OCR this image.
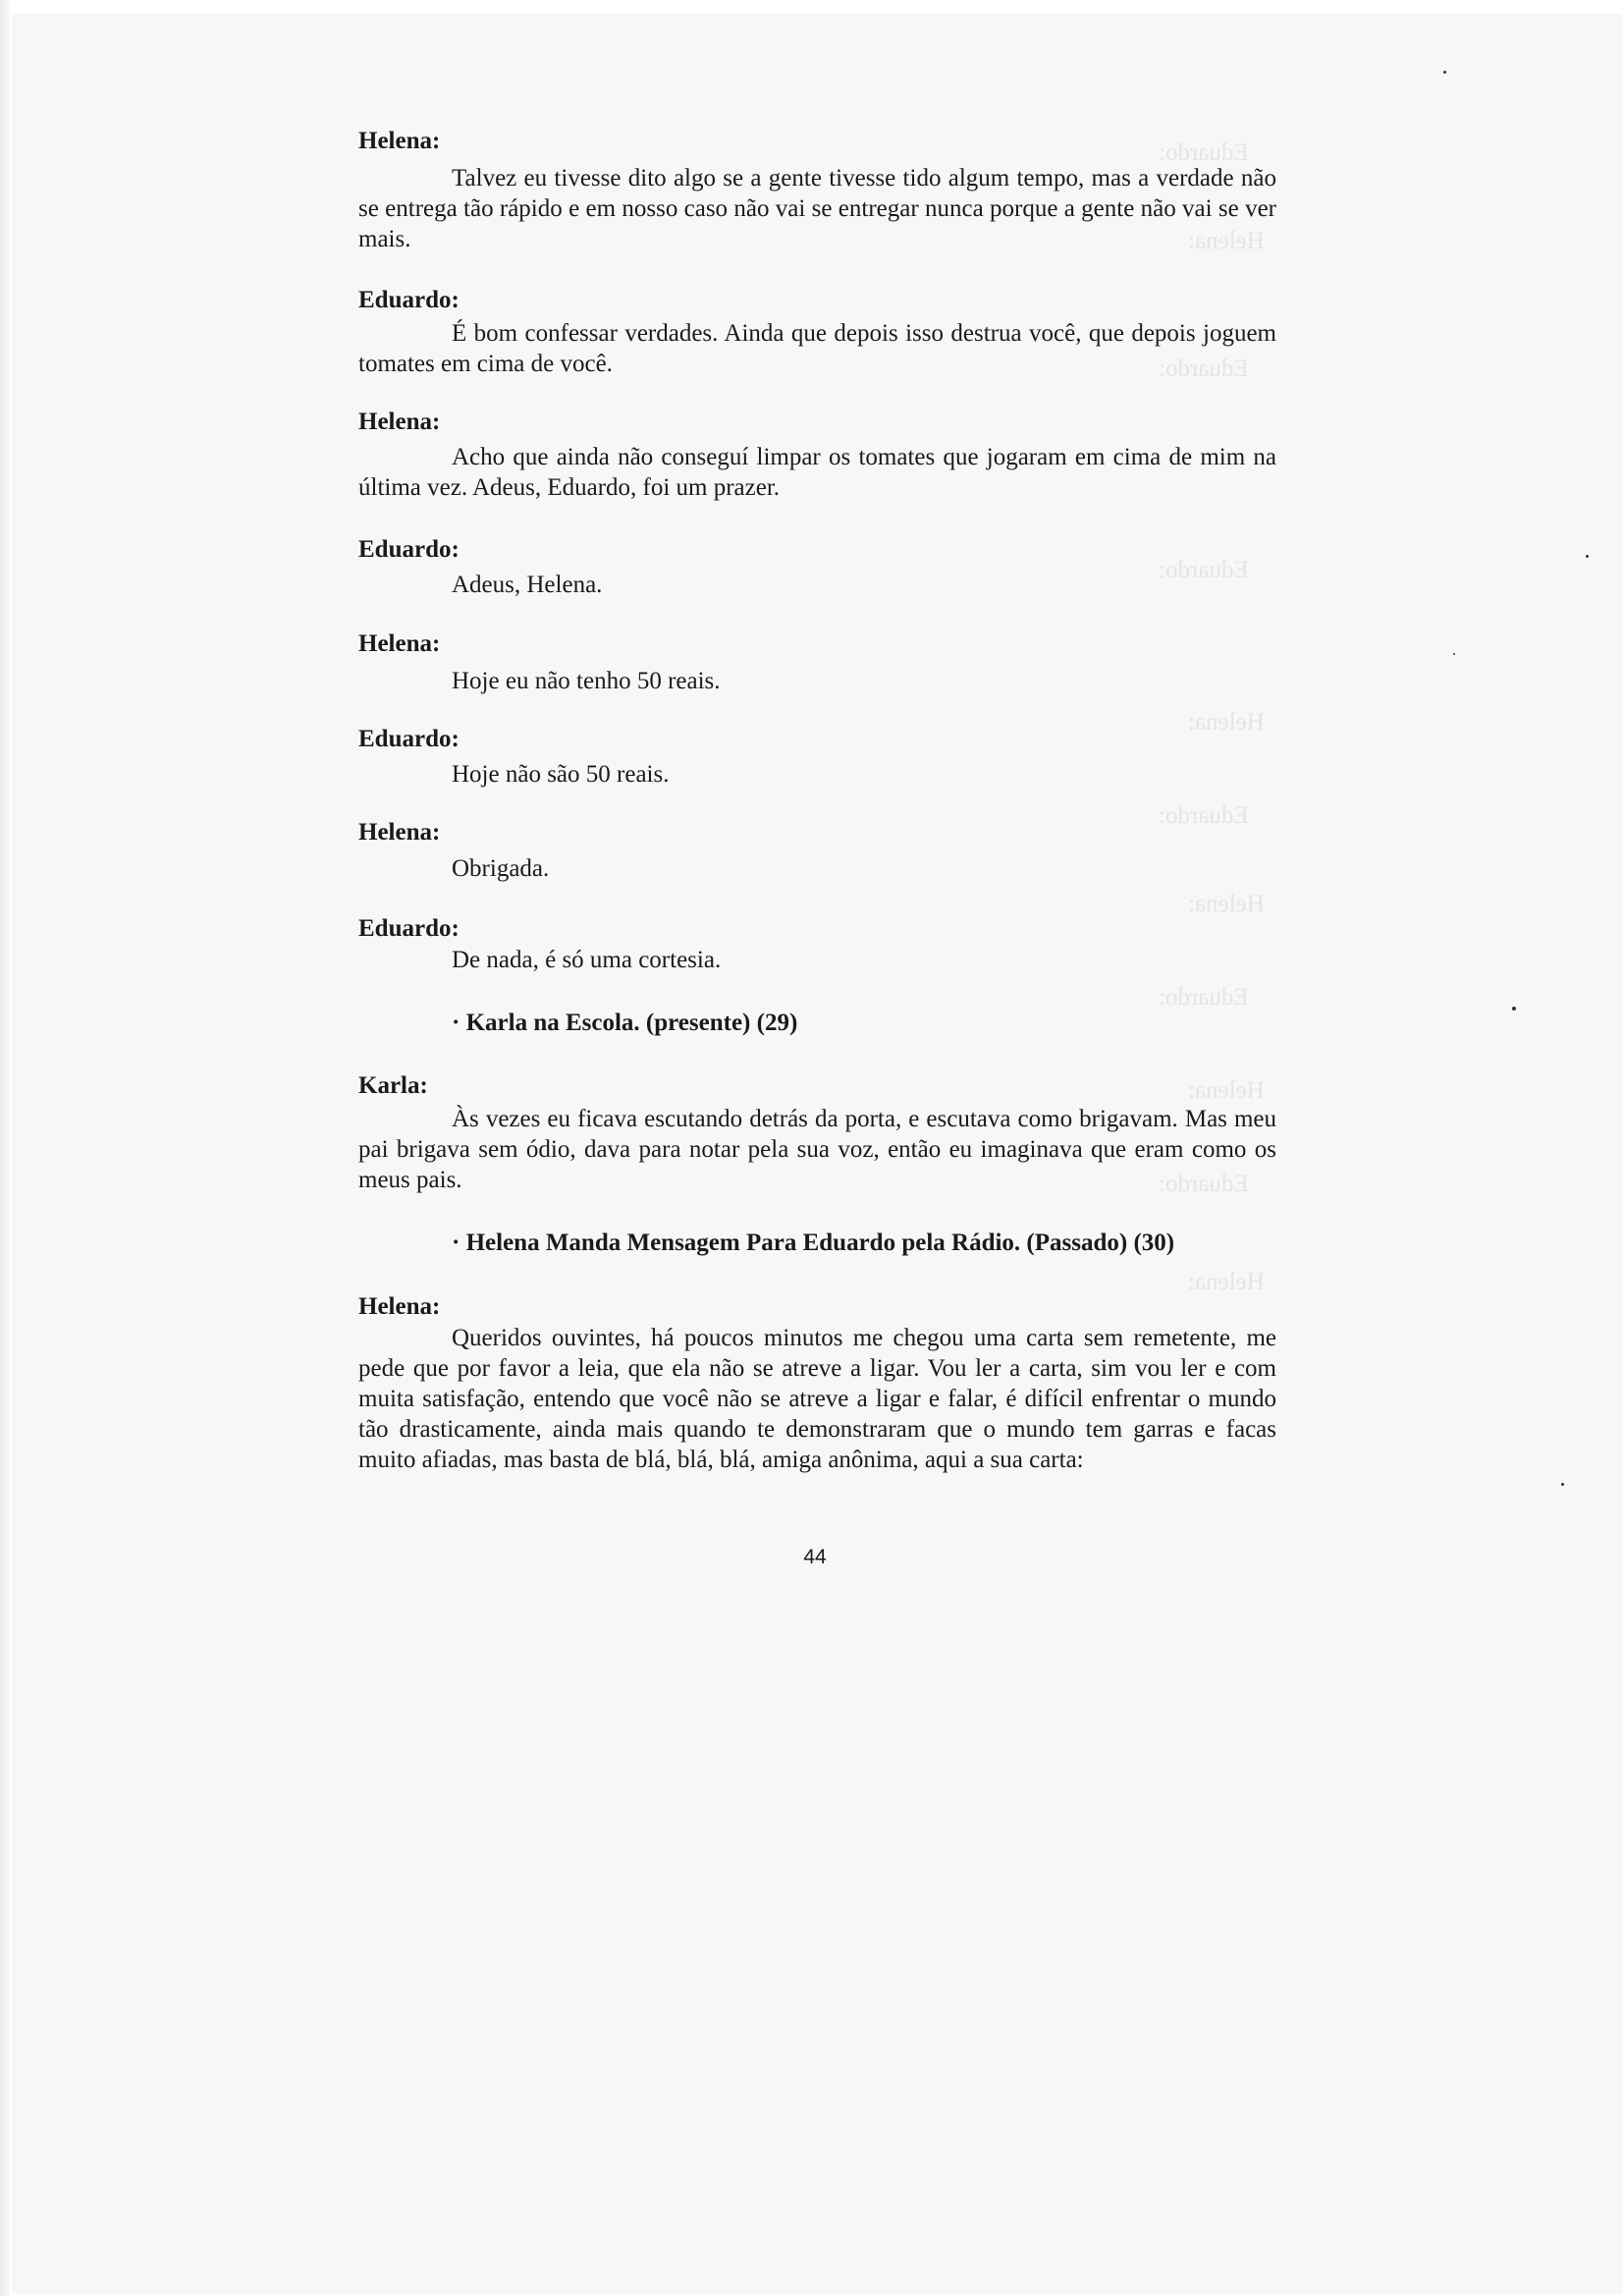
Eduardo:
Helena:
Eduardo:
Eduardo:
Helena:
Eduardo:
Helena:
Eduardo:
Helena:
Eduardo:
Helena:
Helena:

Talvez eu tivesse dito algo se a gente tivesse tido algum tempo, mas a verdade não se entrega tão rápido e em nosso caso não vai se entregar nunca porque a gente não vai se ver mais.

Eduardo:

É bom confessar verdades. Ainda que depois isso destrua você, que depois joguem tomates em cima de você.

Helena:

Acho que ainda não conseguí limpar os tomates que jogaram em cima de mim na última vez. Adeus, Eduardo, foi um prazer.

Eduardo:
Adeus, Helena.
Helena:
Hoje eu não tenho 50 reais.
Eduardo:
Hoje não são 50 reais.
Helena:
Obrigada.
Eduardo:
De nada, é só uma cortesia.
· Karla na Escola. (presente) (29)
Karla:

Às vezes eu ficava escutando detrás da porta, e escutava como brigavam. Mas meu pai brigava sem ódio, dava para notar pela sua voz, então eu imaginava que eram como os meus pais.

· Helena Manda Mensagem Para Eduardo pela Rádio. (Passado) (30)
Helena:

Queridos ouvintes, há poucos minutos me chegou uma carta sem remetente, me pede que por favor a leia, que ela não se atreve a ligar. Vou ler a carta, sim vou ler e com muita satisfação, entendo que você não se atreve a ligar e falar, é difícil enfrentar o mundo tão drasticamente, ainda mais quando te demonstraram que o mundo tem garras e facas muito afiadas, mas basta de blá, blá, blá, amiga anônima, aqui a sua carta:

44
